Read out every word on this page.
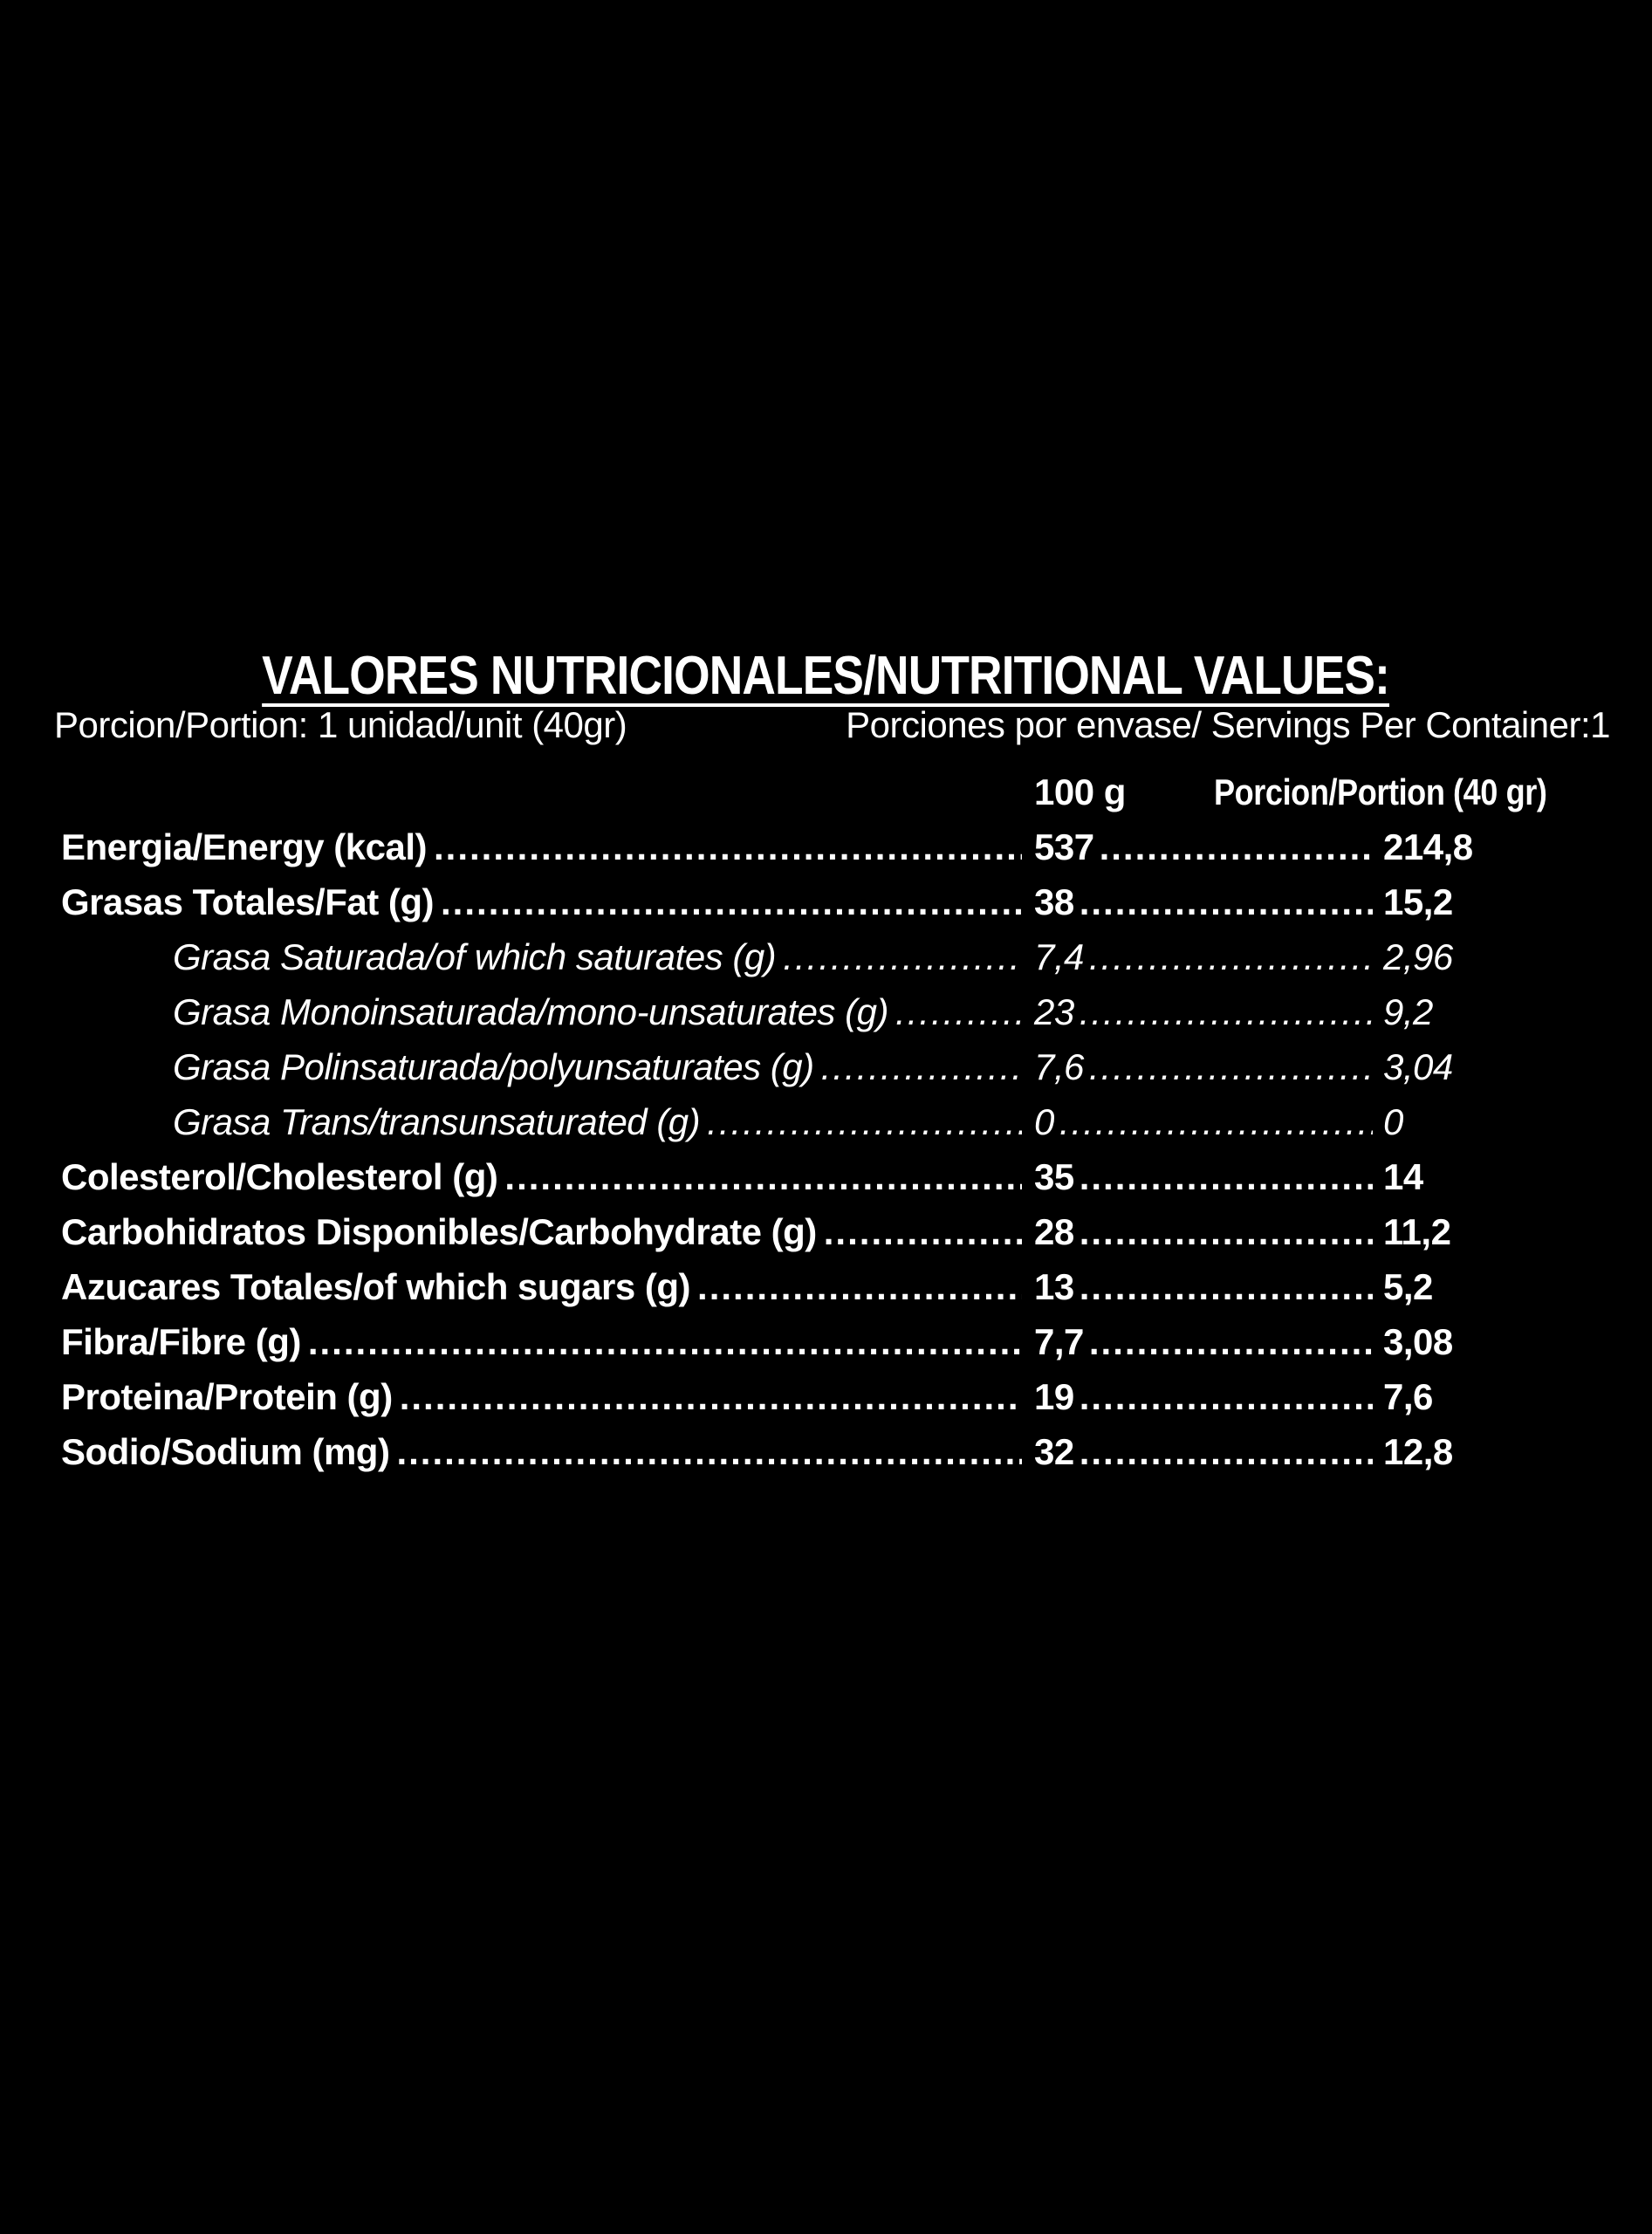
VALORES NUTRICIONALES/NUTRITIONAL VALUES:
Porcion/Portion: 1 unidad/unit (40gr)	Porciones por envase/ Servings Per Container:1
100 g	Porcion/Portion (40 gr)
Energia/Energy (kcal) .....	537 .....	214,8
Grasas Totales/Fat (g) .....	38 .....	15,2
Grasa Saturada/of which saturates (g) .....	7,4 .....	2,96
Grasa Monoinsaturada/mono-unsaturates (g) .....	23 .....	9,2
Grasa Polinsaturada/polyunsaturates (g) .....	7,6 .....	3,04
Grasa Trans/transunsaturated (g) .....	0 .....	0
Colesterol/Cholesterol (g) .....	35 .....	14
Carbohidratos Disponibles/Carbohydrate (g) .....	28 .....	11,2
Azucares Totales/of which sugars (g) .....	13 .....	5,2
Fibra/Fibre (g) .....	7,7 .....	3,08
Proteina/Protein (g) .....	19 .....	7,6
Sodio/Sodium (mg) .....	32 .....	12,8
